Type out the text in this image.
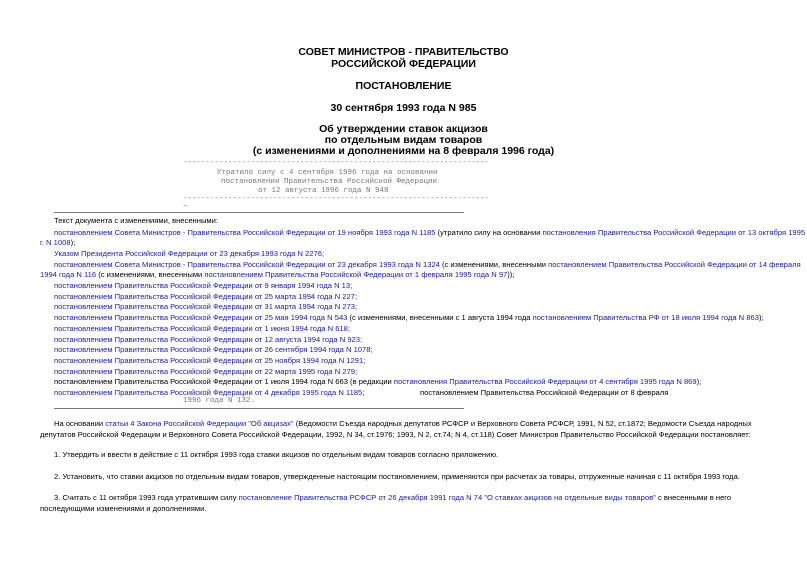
СОВЕТ МИНИСТРОВ - ПРАВИТЕЛЬСТВО
РОССИЙСКОЙ ФЕДЕРАЦИИ
ПОСТАНОВЛЕНИЕ
30 сентября 1993 года N 985
Об утверждении ставок акцизов
по отдельным видам товаров
(с изменениями и дополнениями на 8 февраля 1996 года)
--------------------------------------------------------------------
Утратило силу с 4 сентября 1996 года на основании
постановления Правительства Российской Федерации
от 12 августа 1996 года N 948
--------------------------------------------------------------------
~
Текст документа с изменениями, внесенными:
постановлением Совета Министров - Правительства Российской Федерации от 19 ноября 1993 года N 1185 (утратило силу на основании постановления Правительства Российской Федерации от 13 октября 1995
г. N 1008);
Указом Президента Российской Федерации от 23 декабря 1993 года N 2276;
постановлением Совета Министров - Правительства Российской Федерации от 23 декабря 1993 года N 1324 (с изменениями, внесенными постановлением Правительства Российской Федерации от 14 февраля
1994 года N 116 (с изменениями, внесенными постановлением Правительства Российской Федерации от 1 февраля 1995 года N 97));
постановлением Правительства Российской Федерации от 9 января 1994 года N 13;
постановлением Правительства Российской Федерации от 25 марта 1994 года N 227;
постановлением Правительства Российской Федерации от 31 марта 1994 года N 273;
постановлением Правительства Российской Федерации от 25 мая 1994 года N 543 (с изменениями, внесенными с 1 августа 1994 года постановлением Правительства РФ от 18 июля 1994 года N 863);
постановлением Правительства Российской Федерации от 1 июня 1994 года N 618;
постановлением Правительства Российской Федерации от 12 августа 1994 года N 923;
постановлением Правительства Российской Федерации от 26 сентября 1994 года N 1078;
постановлением Правительства Российской Федерации от 25 ноября 1994 года N 1291;
постановлением Правительства Российской Федерации от 22 марта 1995 года N 279;
постановлением Правительства Российской Федерации от 1 июля 1994 года N 663 (в редакции постановления Правительства Российской Федерации от 4 сентября 1995 года N 869);
постановлением Правительства Российской Федерации от 4 декабря 1995 года N 1185;	постановлением Правительства Российской Федерации от 8 февраля
1996 года N 132.
На основании статьи 4 Закона Российской Федерации "Об акцизах" (Ведомости Съезда народных депутатов РСФСР и Верховного Совета РСФСР, 1991, N 52, ст.1872; Ведомости Съезда народных депутатов Российской Федерации и Верховного Совета Российской Федерации, 1992, N 34, ст.1976; 1993, N 2, ст.74; N 4, ст.118) Совет Министров Правительство Российской Федерации постановляет:
1. Утвердить и ввести в действие с 11 октября 1993 года ставки акцизов по отдельным видам товаров согласно приложению.
2. Установить, что ставки акцизов по отдельным видам товаров, утвержденные настоящим постановлением, применяются при расчетах за товары, отгруженные начиная с 11 октября 1993 года.
3. Считать с 11 октября 1993 года утратившим силу постановление Правительства РСФСР от 26 декабря 1991 года N 74 "О ставках акцизов на отдельные виды товаров" с внесенными в него последующими изменениями и дополнениями.
